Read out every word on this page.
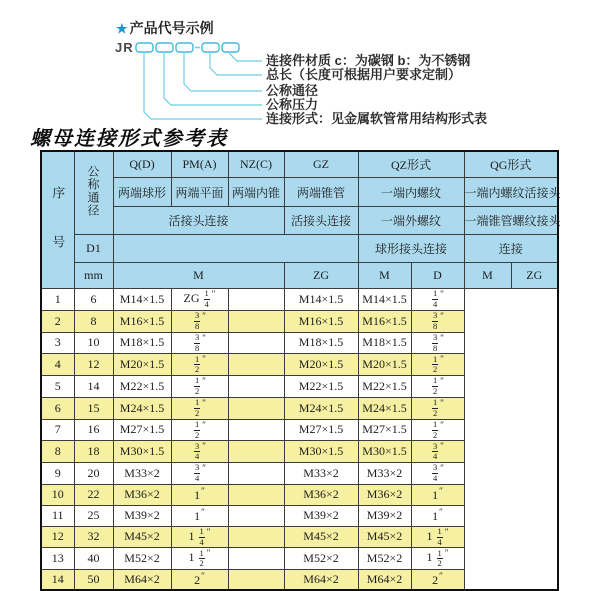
★ 产品代号示例
JR
连接件材质 c：为碳钢 b：为不锈钢
总长（长度可根据用户要求定制）
公称通径
公称压力
连接形式：见金属软管常用结构形式表
螺母连接形式参考表
序号	公称通径	Q(D)	PM(A)	NZ(C)	GZ	QZ形式		QG形式	
		两端球形	两端平面	两端内锥	两端锥管	一端内螺纹		一端内螺纹活接头	
		活接头连接			活接头连接	一端外螺纹		一端锥管螺纹接头	
	D1					球形接头连接		连接	
	mm	M			ZG	M	D	M	ZG
1	6	M14×1.5	ZG $\frac{1}{4} ''$		M14×1.5	M14×1.5	$\frac{1}{4} ''$
2	8	M16×1.5	$\frac{3}{8} ''$		M16×1.5	M16×1.5	$\frac{3}{8} ''$
3	10	M18×1.5	$\frac{3}{8} ''$		M18×1.5	M18×1.5	$\frac{3}{8} ''$
4	12	M20×1.5	$\frac{1}{2} ''$		M20×1.5	M20×1.5	$\frac{1}{2} ''$
5	14	M22×1.5	$\frac{1}{2} ''$		M22×1.5	M22×1.5	$\frac{1}{2} ''$
6	15	M24×1.5	$\frac{1}{2} ''$		M24×1.5	M24×1.5	$\frac{1}{2} ''$
7	16	M27×1.5	$\frac{1}{2} ''$		M27×1.5	M27×1.5	$\frac{1}{2} ''$
8	18	M30×1.5	$\frac{3}{4} ''$		M30×1.5	M30×1.5	$\frac{3}{4} ''$
9	20	M33×2	$\frac{3}{4} ''$		M33×2	M33×2	$\frac{3}{4} ''$
10	22	M36×2	1″		M36×2	M36×2	1″
11	25	M39×2	1″		M39×2	M39×2	1″
12	32	M45×2	$1 \frac{1}{4} ''$		M45×2	M45×2	$1 \frac{1}{4} ''$
13	40	M52×2	$1 \frac{1}{2} ''$		M52×2	M52×2	$1 \frac{1}{2} ''$
14	50	M64×2	2″		M64×2	M64×2	2″
